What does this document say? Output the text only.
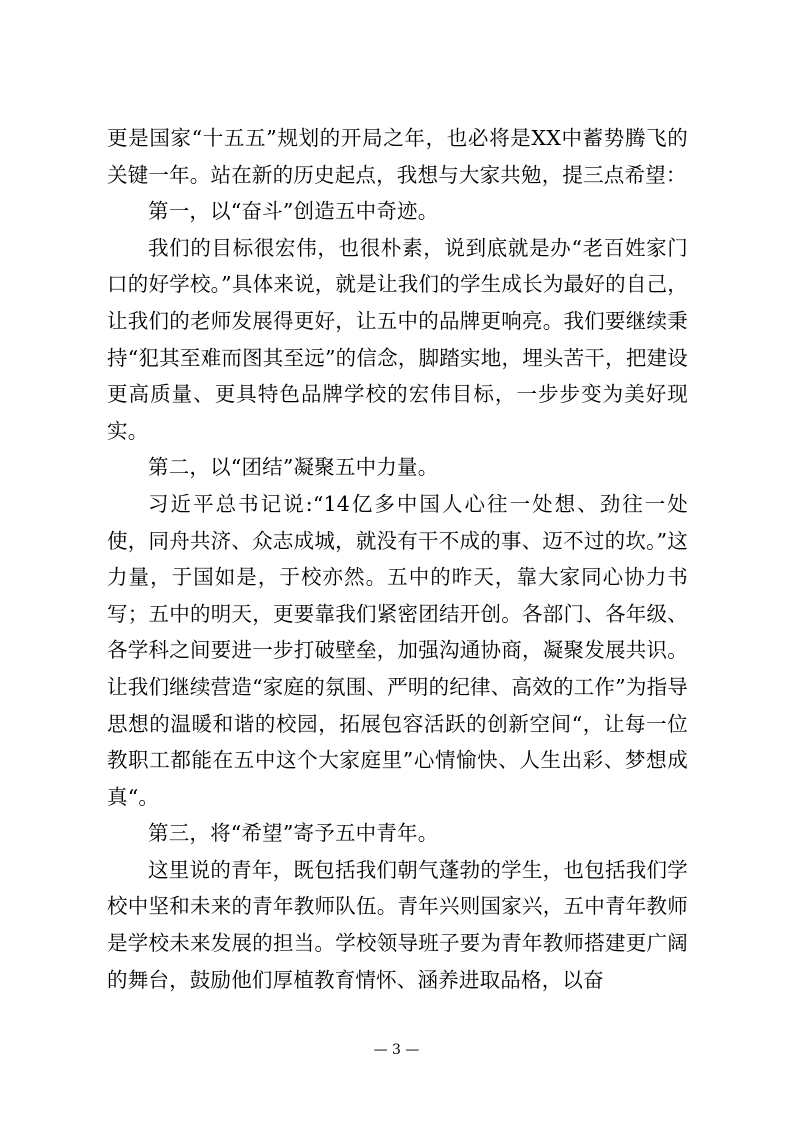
更是国家“十五五”规划的开局之年，也必将是XX中蓄势腾飞的关键一年。站在新的历史起点，我想与大家共勉，提三点希望：

第一，以“奋斗”创造五中奇迹。

我们的目标很宏伟，也很朴素，说到底就是办“老百姓家门口的好学校。”具体来说，就是让我们的学生成长为最好的自己，让我们的老师发展得更好，让五中的品牌更响亮。我们要继续秉持“犯其至难而图其至远”的信念，脚踏实地，埋头苦干，把建设更高质量、更具特色品牌学校的宏伟目标，一步步变为美好现实。

第二，以“团结”凝聚五中力量。

习近平总书记说:“14亿多中国人心往一处想、劲往一处使，同舟共济、众志成城，就没有干不成的事、迈不过的坎。”这力量，于国如是，于校亦然。五中的昨天，靠大家同心协力书写；五中的明天，更要靠我们紧密团结开创。各部门、各年级、各学科之间要进一步打破壁垒，加强沟通协商，凝聚发展共识。让我们继续营造“家庭的氛围、严明的纪律、高效的工作”为指导思想的温暖和谐的校园，拓展包容活跃的创新空间“，让每一位教职工都能在五中这个大家庭里”心情愉快、人生出彩、梦想成真“。

第三，将“希望”寄予五中青年。

这里说的青年，既包括我们朝气蓬勃的学生，也包括我们学校中坚和未来的青年教师队伍。青年兴则国家兴，五中青年教师是学校未来发展的担当。学校领导班子要为青年教师搭建更广阔的舞台，鼓励他们厚植教育情怀、涵养进取品格，以奋

— 3 —
